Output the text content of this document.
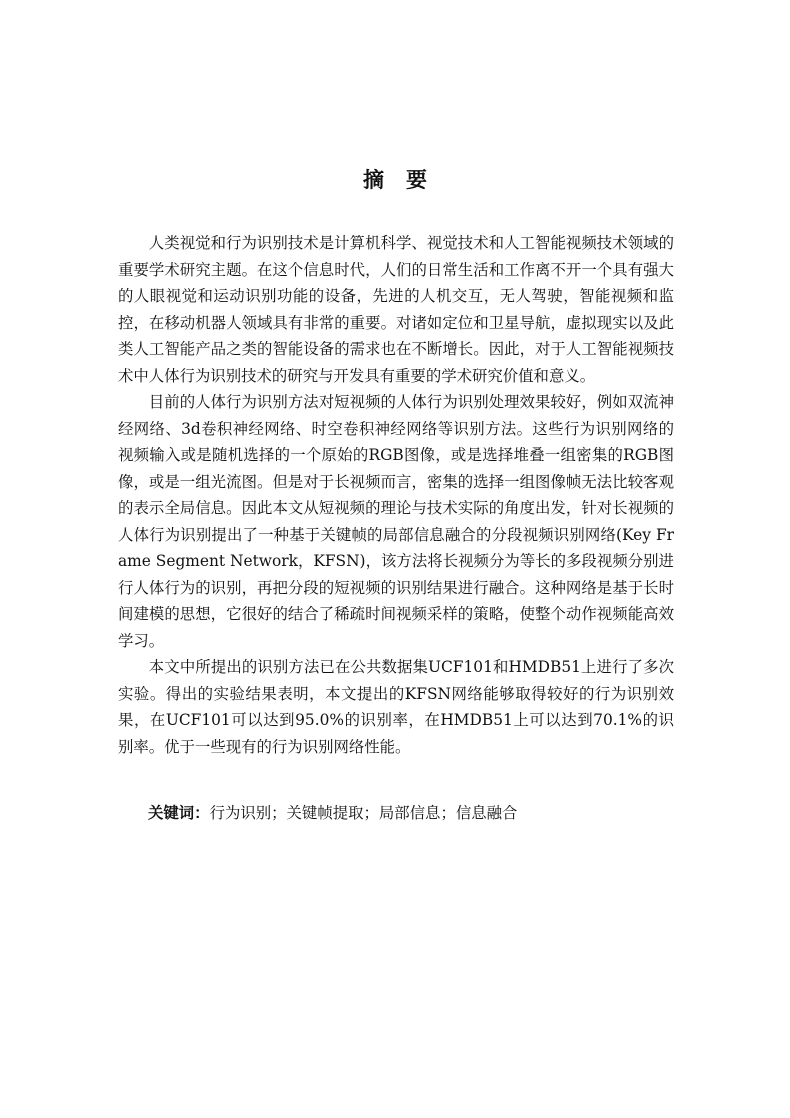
摘要

人类视觉和行为识别技术是计算机科学、视觉技术和人工智能视频技术领域的重要学术研究主题。在这个信息时代，人们的日常生活和工作离不开一个具有强大的人眼视觉和运动识别功能的设备，先进的人机交互，无人驾驶，智能视频和监控，在移动机器人领域具有非常的重要。对诸如定位和卫星导航，虚拟现实以及此类人工智能产品之类的智能设备的需求也在不断增长。因此，对于人工智能视频技术中人体行为识别技术的研究与开发具有重要的学术研究价值和意义。

目前的人体行为识别方法对短视频的人体行为识别处理效果较好，例如双流神经网络、3d卷积神经网络、时空卷积神经网络等识别方法。这些行为识别网络的视频输入或是随机选择的一个原始的RGB图像，或是选择堆叠一组密集的RGB图像，或是一组光流图。但是对于长视频而言，密集的选择一组图像帧无法比较客观的表示全局信息。因此本文从短视频的理论与技术实际的角度出发，针对长视频的人体行为识别提出了一种基于关键帧的局部信息融合的分段视频识别网络(Key Frame Segment Network，KFSN)，该方法将长视频分为等长的多段视频分别进行人体行为的识别，再把分段的短视频的识别结果进行融合。这种网络是基于长时间建模的思想，它很好的结合了稀疏时间视频采样的策略，使整个动作视频能高效学习。

本文中所提出的识别方法已在公共数据集UCF101和HMDB51上进行了多次实验。得出的实验结果表明，本文提出的KFSN网络能够取得较好的行为识别效果，在UCF101可以达到95.0%的识别率，在HMDB51上可以达到70.1%的识别率。优于一些现有的行为识别网络性能。

关键词：行为识别；关键帧提取；局部信息；信息融合
